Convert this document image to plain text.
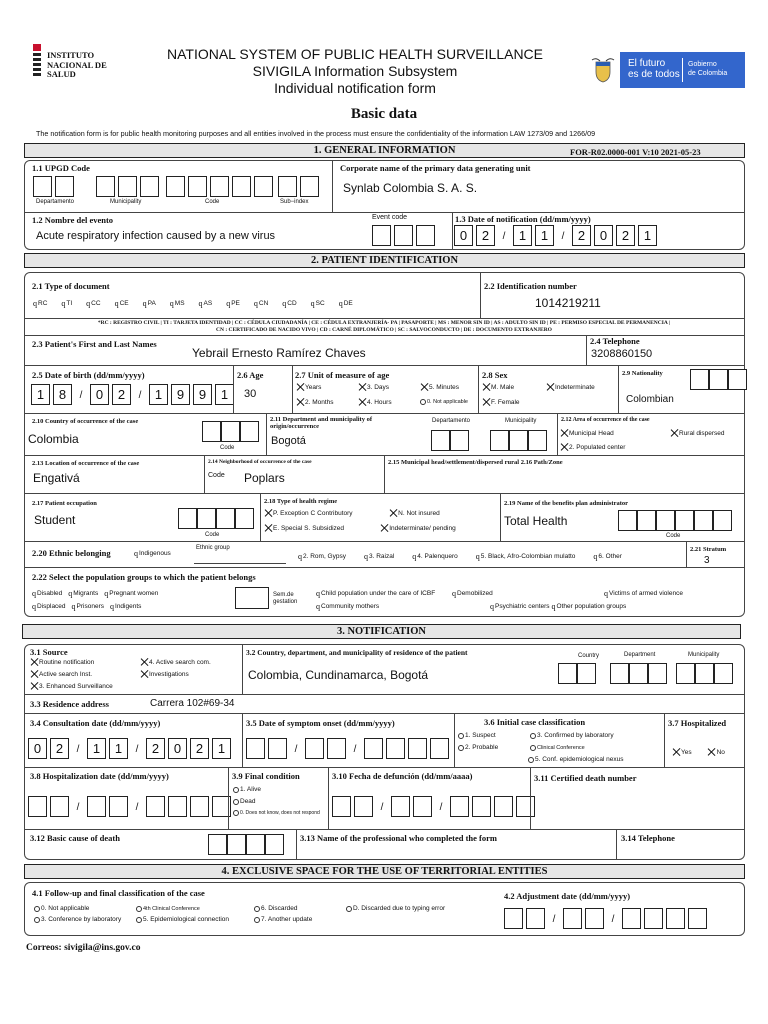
INSTITUTO
NACIONAL DE
SALUD
NATIONAL SYSTEM OF PUBLIC HEALTH SURVEILLANCE
SIVIGILA Information Subsystem
Individual notification form
El futuro
es de todos
Gobierno
de Colombia
Basic data
The notification form is for public health monitoring purposes and all entities involved in the process must ensure the confidentiality of the information LAW 1273/09 and 1266/09
1. GENERAL INFORMATION	FOR-R02.0000-001 V:10 2021-05-23
1.1 UPGD Code
Departamento	Municipality	Code	Sub−index
Corporate name of the primary data generating unit
Synlab Colombia S. A. S.
1.2 Nombre del evento
Acute respiratory infection caused by a new virus
Event code	1.3 Date of notification (dd/mm/yyyy)
0	2	/	1	1	/	2	0	2	1
2. PATIENT IDENTIFICATION
2.1 Type of document
q RC q TI q CC q CE q PA q MS q AS q PE q CN q CD q SC q DE
2.2 Identification number
1014219211
*RC : REGISTRO CIVIL | TI : TARJETA IDENTIDAD | CC : CÉDULA CIUDADANÍA | CE : CÉDULA EXTRANJERÍA- PA | PASAPORTE | MS : MENOR SIN ID | AS : ADULTO SIN ID | PE : PERMISO ESPECIAL DE PERMANENCIA |
CN : CERTIFICADO DE NACIDO VIVO | CD : CARNÉ DIPLOMÁTICO | SC : SALVOCONDUCTO | DE : DOCUMENTO EXTRANJERO
2.3 Patient's First and Last Names
Yebrail Ernesto Ramírez Chaves
2.4 Telephone
3208860150
2.5 Date of birth (dd/mm/yyyy)
1	8	/	0	2	/	1	9	9	1
2.6 Age
30
2.7 Unit of measure of age
Years	3. Days	5. Minutes
2. Months	4. Hours	0. Not applicable
2.8 Sex
M. Male	Indeterminate
F. Female
2.9 Nationality
Colombian
2.10 Country of occurrence of the case
Colombia
Code
2.11 Department and municipality of origin/occurrence
Bogotá
Departamento	Municipality	2.12 Area of occurrence of the case
Municipal Head	Rural dispersed
2. Populated center
2.13 Location of occurrence of the case
Engativá
2.14 Neighborhood of occurrence of the case
Code Poplars
2.15 Municipal head/settlement/dispersed rural 2.16 Path/Zone
2.17 Patient occupation
Student
Code
2.18 Type of health regime
P. Exception C Contributory	N. Not insured
E. Special S. Subsidized	Indeterminate/ pending
2.19 Name of the benefits plan administrator
Total Health
Code
2.20 Ethnic belonging	q Indigenous
Ethnic group
q 2. Rom, Gypsy q 3. Raizal q 4. Palenquero q 5. Black, Afro-Colombian mulatto q 6. Other
2.21 Stratum
3
2.22 Select the population groups to which the patient belongs
q Disabled q Migrants q Pregnant women
q Displaced q Prisoners q Indigents
Sem.de gestation
q Child population under the care of ICBF q Demobilized	q Victims of armed violence
q Community mothers	q Psychiatric centers q Other population groups
3. NOTIFICATION
3.1 Source
Routine notification	4. Active search com.
Active search Inst.	Investigations
3. Enhanced Surveillance
3.2 Country, department, and municipality of residence of the patient
Colombia, Cundinamarca, Bogotá
Country	Department	Municipality
3.3 Residence address	Carrera 102#69-34
3.4 Consultation date (dd/mm/yyyy)
0	2	/	1	1	/	2	0	2	1
3.5 Date of symptom onset (dd/mm/yyyy)
/	/
3.6 Initial case classification
1. Suspect	3. Confirmed by laboratory
2. Probable	Clinical Conference
5. Conf. epidemiological nexus
3.7 Hospitalized
Yes	No
3.8 Hospitalization date (dd/mm/yyyy)
/	/
3.9 Final condition
1. Alive
Dead
0. Does not know, does not respond
3.10 Fecha de defunción (dd/mm/aaaa)
/	/
3.11 Certified death number
3.12 Basic cause of death	3.13 Name of the professional who completed the form	3.14 Telephone
4. EXCLUSIVE SPACE FOR THE USE OF TERRITORIAL ENTITIES
4.1 Follow-up and final classification of the case
0. Not applicable	4th Clinical Conference	6. Discarded	D. Discarded due to typing error
3. Conference by laboratory	5. Epidemiological connection	7. Another update
4.2 Adjustment date (dd/mm/yyyy)
/	/
Correos: sivigila@ins.gov.co
